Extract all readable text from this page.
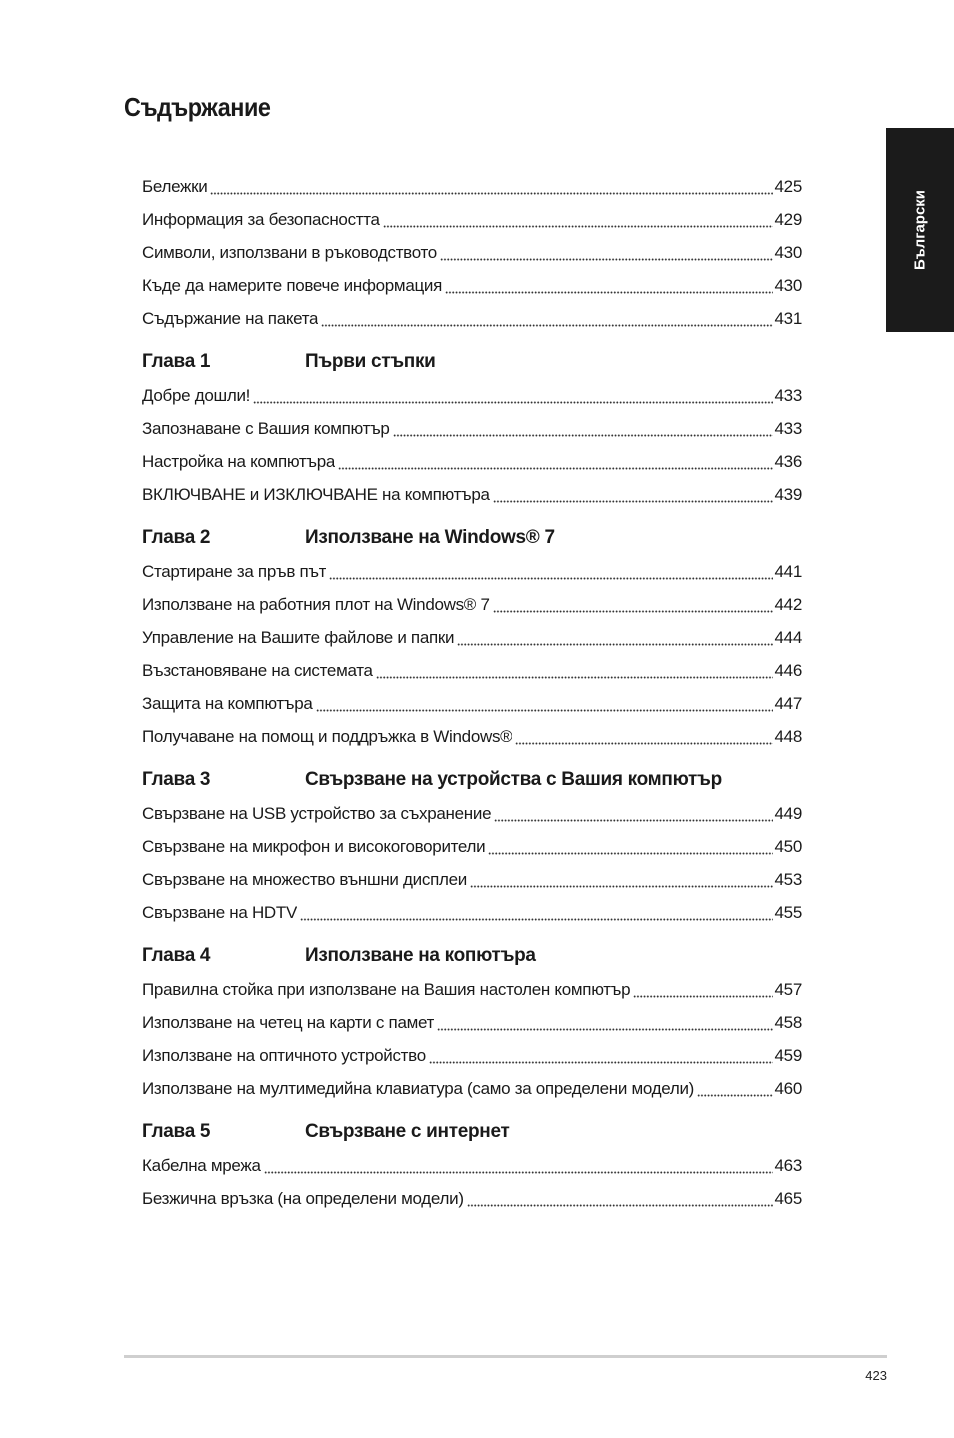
Съдържание
Български
Бележки	425
Информация за безопасността	429
Символи, използвани в ръководството	430
Къде да намерите повече информация	430
Съдържание на пакета	431
Глава 1	Първи стъпки
Добре дошли!	433
Запознаване с Вашия компютър	433
Настройка на компютъра	436
ВКЛЮЧВАНЕ и ИЗКЛЮЧВАНЕ на компютъра	439
Глава 2	Използване на Windows® 7
Стартиране за пръв път	441
Използване на работния плот на Windows® 7	442
Управление на Вашите файлове и папки	444
Възстановяване на системата	446
Защита на компютъра	447
Получаване на помощ и поддръжка в Windows®	448
Глава 3	Свързване на устройства с Вашия компютър
Свързване на USB устройство за съхранение	449
Свързване на микрофон и високоговорители	450
Свързване на множество външни дисплеи	453
Свързване на HDTV	455
Глава 4	Използване на копютъра
Правилна стойка при използване на Вашия настолен компютър	457
Използване на четец на карти с памет	458
Използване на оптичното устройство	459
Използване на мултимедийна клавиатура (само за определени модели)	460
Глава 5	Свързване с интернет
Кабелна мрежа	463
Безжична връзка (на определени модели)	465
423
